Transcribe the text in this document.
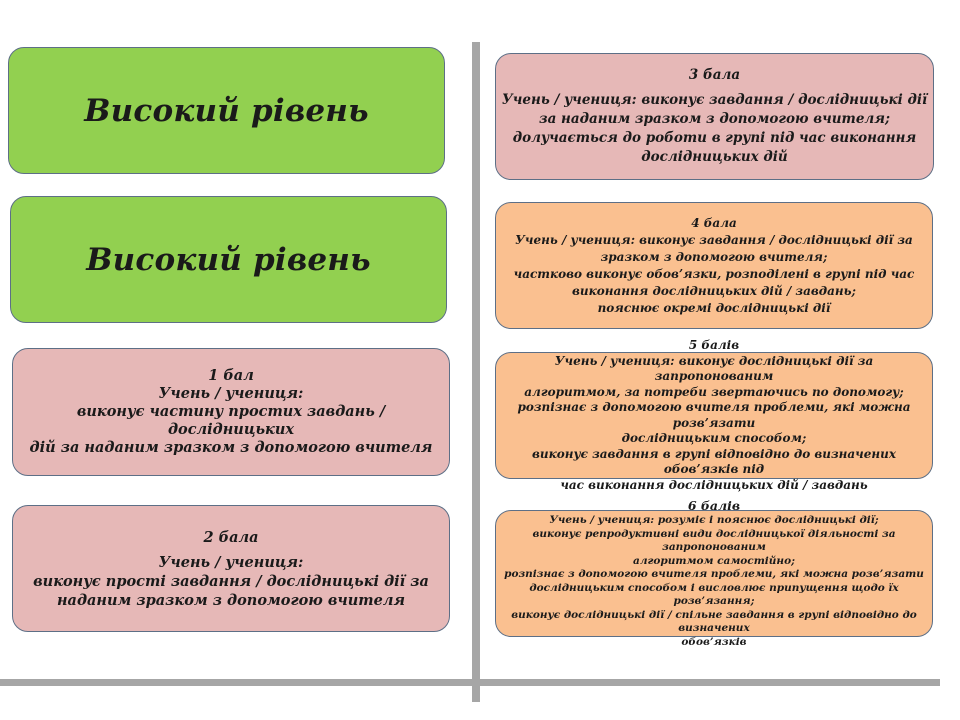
Високий рівень
Високий рівень
1 бал
Учень / учениця:
виконує частину простих завдань / дослідницьких
дій за наданим зразком з допомогою вчителя
2 бала
Учень / учениця:
виконує прості завдання / дослідницькі дії за
наданим зразком з допомогою вчителя
3 бала
Учень / учениця: виконує завдання / дослідницькі дії
за наданим зразком з допомогою вчителя;
долучається до роботи в групі під час виконання
дослідницьких дій
4 бала
Учень / учениця: виконує завдання / дослідницькі дії за
зразком з допомогою вчителя;
частково виконує обов’язки, розподілені в групі під час
виконання дослідницьких дій / завдань;
пояснює окремі дослідницькі дії
5 балів
Учень / учениця: виконує дослідницькі дії за запропонованим
алгоритмом, за потреби звертаючись по допомогу;
розпізнає з допомогою вчителя проблеми, які можна розв’язати
дослідницьким способом;
виконує завдання в групі відповідно до визначених обов’язків під
час виконання дослідницьких дій / завдань
6 балів
Учень / учениця: розуміє і пояснює дослідницькі дії;
виконує репродуктивні види дослідницької діяльності за запропонованим
алгоритмом самостійно;
розпізнає з допомогою вчителя проблеми, які можна розв’язати
дослідницьким способом і висловлює припущення щодо їх розв’язання;
виконує дослідницькі дії / спільне завдання в групі відповідно до визначених
обов’язків
